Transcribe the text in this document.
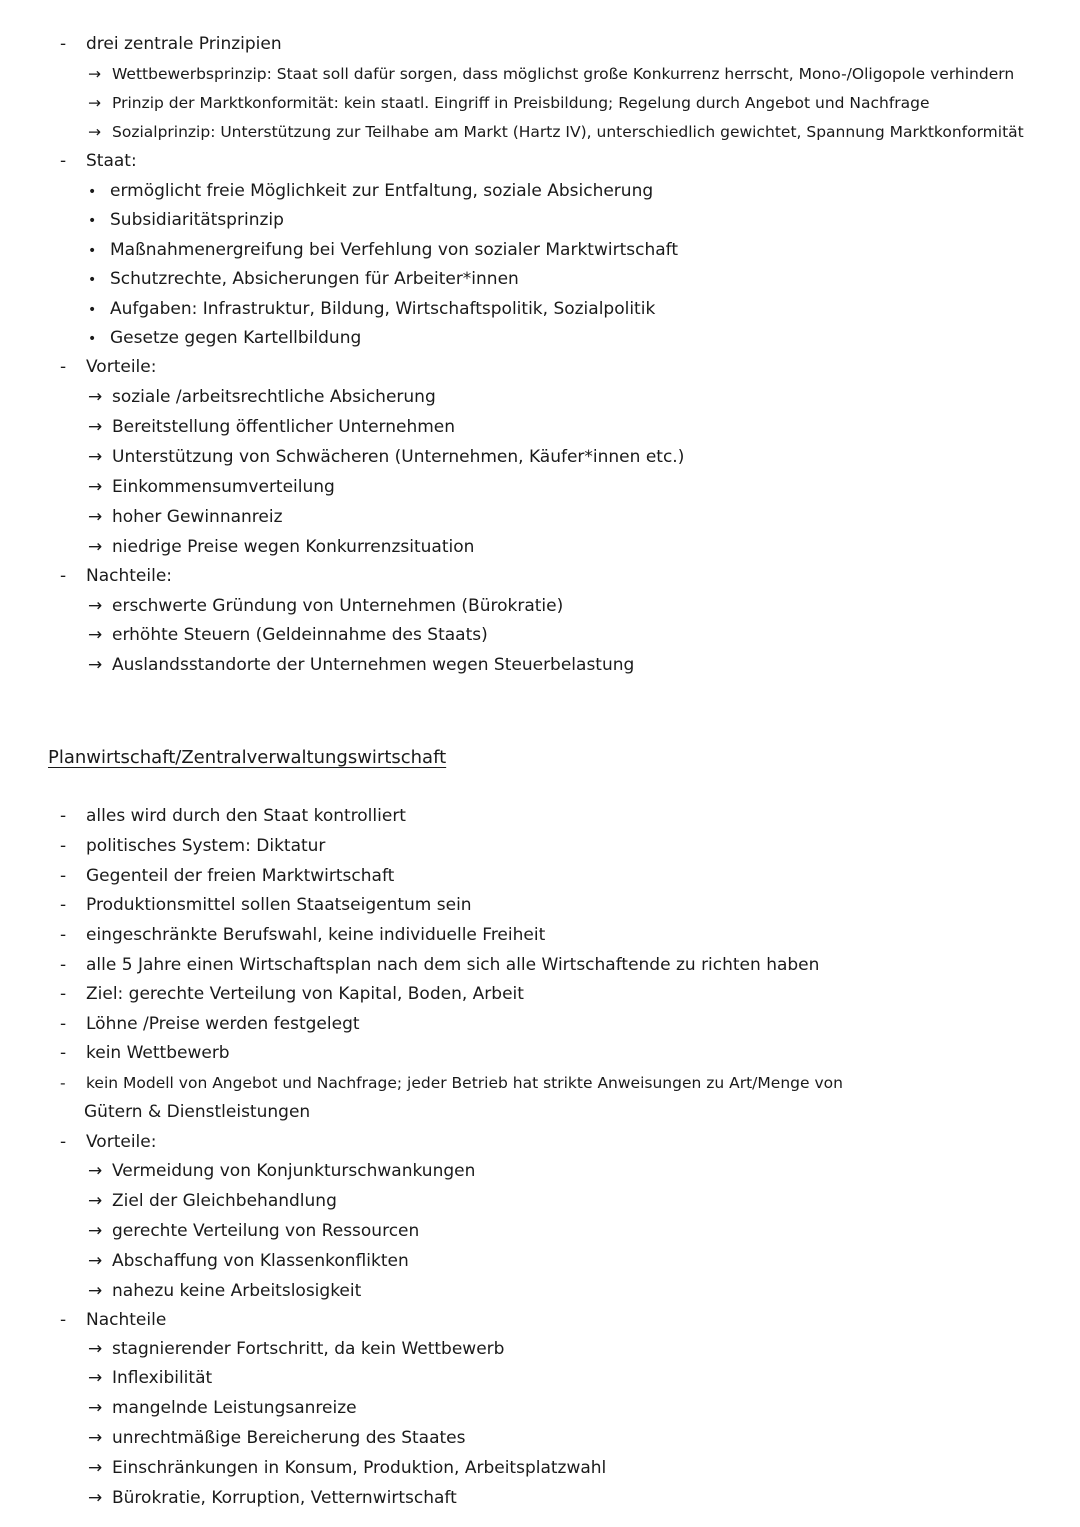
- drei zentrale Prinzipien
→ Wettbewerbsprinzip: Staat soll dafür sorgen, dass möglichst große Konkurrenz herrscht, Mono-/Oligopole verhindern
→ Prinzip der Marktkonformität: kein staatl. Eingriff in Preisbildung; Regelung durch Angebot und Nachfrage
→ Sozialprinzip: Unterstützung zur Teilhabe am Markt (Hartz IV), unterschiedlich gewichtet, Spannung Marktkonformität
- Staat:
• ermöglicht freie Möglichkeit zur Entfaltung, soziale Absicherung
• Subsidiaritätsprinzip
• Maßnahmenergreifung bei Verfehlung von sozialer Marktwirtschaft
• Schutzrechte, Absicherungen für Arbeiter*innen
• Aufgaben: Infrastruktur, Bildung, Wirtschaftspolitik, Sozialpolitik
• Gesetze gegen Kartellbildung
- Vorteile:
→ soziale /arbeitsrechtliche Absicherung
→ Bereitstellung öffentlicher Unternehmen
→ Unterstützung von Schwächeren (Unternehmen, Käufer*innen etc.)
→ Einkommensumverteilung
→ hoher Gewinnanreiz
→ niedrige Preise wegen Konkurrenzsituation
- Nachteile:
→ erschwerte Gründung von Unternehmen (Bürokratie)
→ erhöhte Steuern (Geldeinnahme des Staats)
→ Auslandsstandorte der Unternehmen wegen Steuerbelastung
Planwirtschaft/Zentralverwaltungswirtschaft
- alles wird durch den Staat kontrolliert
- politisches System: Diktatur
- Gegenteil der freien Marktwirtschaft
- Produktionsmittel sollen Staatseigentum sein
- eingeschränkte Berufswahl, keine individuelle Freiheit
- alle 5 Jahre einen Wirtschaftsplan nach dem sich alle Wirtschaftende zu richten haben
- Ziel: gerechte Verteilung von Kapital, Boden, Arbeit
- Löhne /Preise werden festgelegt
- kein Wettbewerb
- kein Modell von Angebot und Nachfrage; jeder Betrieb hat strikte Anweisungen zu Art/Menge von
Gütern & Dienstleistungen
- Vorteile:
→ Vermeidung von Konjunkturschwankungen
→ Ziel der Gleichbehandlung
→ gerechte Verteilung von Ressourcen
→ Abschaffung von Klassenkonflikten
→ nahezu keine Arbeitslosigkeit
- Nachteile
→ stagnierender Fortschritt, da kein Wettbewerb
→ Inflexibilität
→ mangelnde Leistungsanreize
→ unrechtmäßige Bereicherung des Staates
→ Einschränkungen in Konsum, Produktion, Arbeitsplatzwahl
→ Bürokratie, Korruption, Vetternwirtschaft
